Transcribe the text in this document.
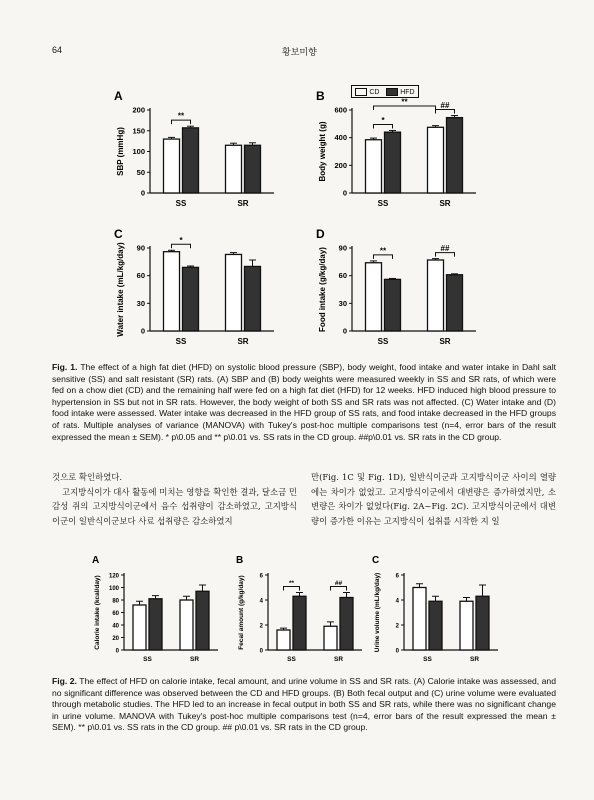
64	황보미향
CD	HFD
A
0
50
100
150
200
SBP (mmHg)
SS	SR
**
B
0
200
400
600
Body weight (g)
SS	SR
*
**	##
C
0
30
60
90
Water intake (mL/kg/day)
SS	SR
*	D
0
30
60
90
Food intake (g/kg/day)
SS	SR
**	##
Fig. 1. The effect of a high fat diet (HFD) on systolic blood pressure (SBP), body weight, food intake and water intake in Dahl salt sensitive (SS) and salt resistant (SR) rats. (A) SBP and (B) body weights were measured weekly in SS and SR rats, of which were fed on a chow diet (CD) and the remaining half were fed on a high fat diet (HFD) for 12 weeks. HFD induced high blood pressure to hypertension in SS but not in SR rats. However, the body weight of both SS and SR rats was not affected. (C) Water intake and (D) food intake were assessed. Water intake was decreased in the HFD group of SS rats, and food intake decreased in the HFD groups of rats. Multiple analyses of variance (MANOVA) with Tukey's post-hoc multiple comparisons test (n=4, error bars of the result expressed the mean ± SEM). * p\0.05 and ** p\0.01 vs. SS rats in the CD group. ##p\0.01 vs. SR rats in the CD group.

것으로 확인하였다.

고지방식이가 대사 활동에 미치는 영향을 확인한 결과, 달소금 민감성 쥐의 고지방식이군에서 음수 섭취량이 감소하였고, 고지방식이군이 일반식이군보다 사료 섭취량은 감소하였지

만(Fig. 1C 및 Fig. 1D), 일반식이군과 고지방식이군 사이의 열량에는 차이가 없었고. 고지방식이군에서 대변량은 증가하였지만, 소변량은 차이가 없었다(Fig. 2A~Fig. 2C). 고지방식이군에서 대변량이 증가한 이유는 고지방식이 섭취를 시작한 지 일

A
0
20
40
60
80
100
120
Calorie intake (kcal/day)
SS	SR
B
0
2
4
6
Fecal amount (g/kg/day)
SS	SR
**	##
C
0
2
4
6
Urine volume (mL/kg/day)
SS	SR
Fig. 2. The effect of HFD on calorie intake, fecal amount, and urine volume in SS and SR rats. (A) Calorie intake was assessed, and no significant difference was observed between the CD and HFD groups. (B) Both fecal output and (C) urine volume were evaluated through metabolic studies. The HFD led to an increase in fecal output in both SS and SR rats, while there was no significant change in urine volume. MANOVA with Tukey's post-hoc multiple comparisons test (n=4, error bars of the result expressed the mean ± SEM). ** p\0.01 vs. SS rats in the CD group. ## p\0.01 vs. SR rats in the CD group.
